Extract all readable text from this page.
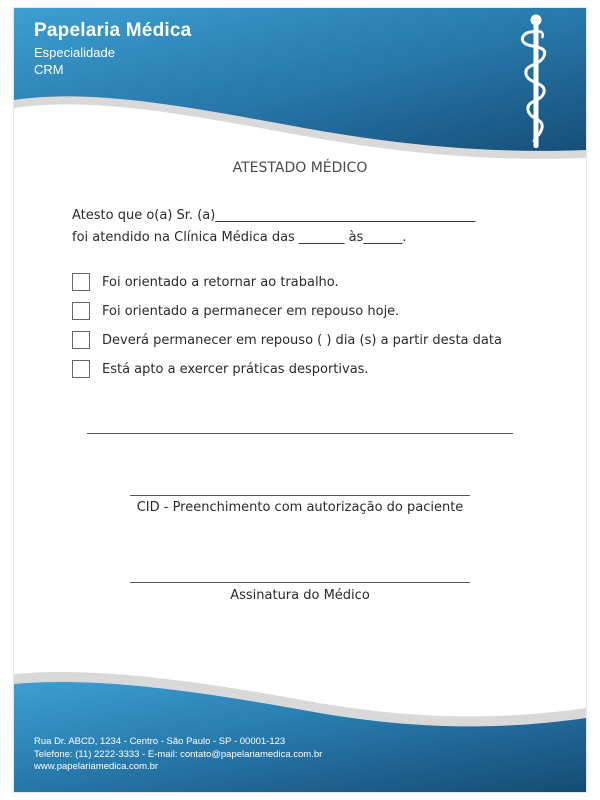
Papelaria Médica
Especialidade
CRM
ATESTADO MÉDICO
Atesto que o(a) Sr. (a)________________________________________
foi atendido na Clínica Médica das _______ às______.
Foi orientado a retornar ao trabalho.
Foi orientado a permanecer em repouso hoje.
Deverá permanecer em repouso ( ) dia (s) a partir desta data
Está apto a exercer práticas desportivas.
CID - Preenchimento com autorização do paciente
Assinatura do Médico
Rua Dr. ABCD, 1234 - Centro - São Paulo - SP - 00001-123
Telefone: (11) 2222-3333 - E-mail: contato@papelariamedica.com.br
www.papelariamedica.com.br
